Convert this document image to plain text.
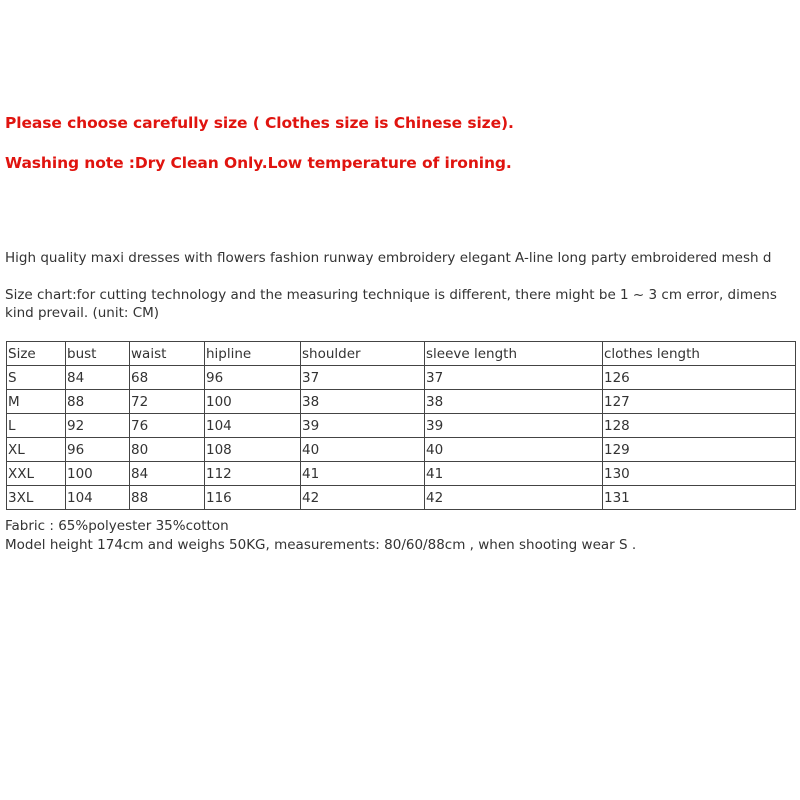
Please choose carefully size ( Clothes size is Chinese size).

Washing note :Dry Clean Only.Low temperature of ironing.

High quality maxi dresses with flowers fashion runway embroidery elegant A-line long party embroidered mesh d

Size chart:for cutting technology and the measuring technique is different, there might be 1 ~ 3 cm error, dimens

kind prevail. (unit: CM)

Size	bust	waist	hipline	shoulder	sleeve length	clothes length
S	84	68	96	37	37	126
M	88	72	100	38	38	127
L	92	76	104	39	39	128
XL	96	80	108	40	40	129
XXL	100	84	112	41	41	130
3XL	104	88	116	42	42	131

Fabric : 65%polyester 35%cotton

Model height 174cm and weighs 50KG, measurements: 80/60/88cm , when shooting wear S .
